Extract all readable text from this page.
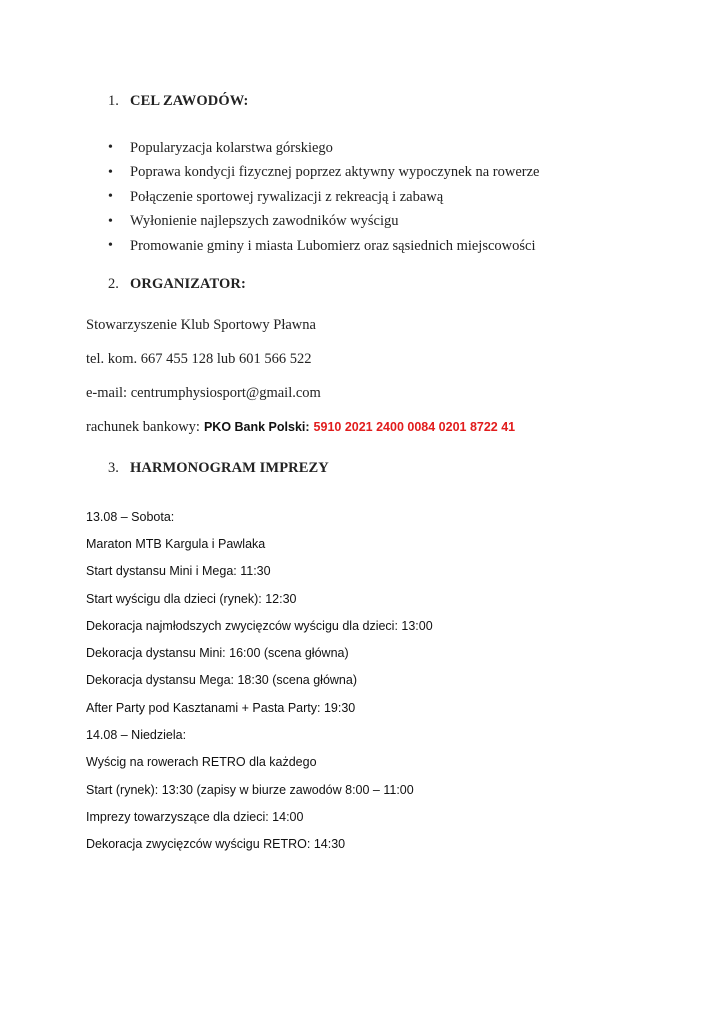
1. CEL ZAWODÓW:
•	Popularyzacja kolarstwa górskiego
•	Poprawa kondycji fizycznej poprzez aktywny wypoczynek na rowerze
•	Połączenie sportowej rywalizacji z rekreacją i zabawą
•	Wyłonienie najlepszych zawodników wyścigu
•	Promowanie gminy i miasta Lubomierz oraz sąsiednich miejscowości
2. ORGANIZATOR:
Stowarzyszenie Klub Sportowy Pławna
tel. kom. 667 455 128 lub 601 566 522
e-mail: centrumphysiosport@gmail.com
rachunek bankowy: PKO Bank Polski: 5910 2021 2400 0084 0201 8722 41
3. HARMONOGRAM IMPREZY
13.08 – Sobota:
Maraton MTB Kargula i Pawlaka
Start dystansu Mini i Mega: 11:30
Start wyścigu dla dzieci (rynek): 12:30
Dekoracja najmłodszych zwycięzców wyścigu dla dzieci: 13:00
Dekoracja dystansu Mini: 16:00 (scena główna)
Dekoracja dystansu Mega: 18:30 (scena główna)
After Party pod Kasztanami + Pasta Party: 19:30
14.08 – Niedziela:
Wyścig na rowerach RETRO dla każdego
Start (rynek): 13:30 (zapisy w biurze zawodów 8:00 – 11:00
Imprezy towarzyszące dla dzieci: 14:00
Dekoracja zwycięzców wyścigu RETRO: 14:30
